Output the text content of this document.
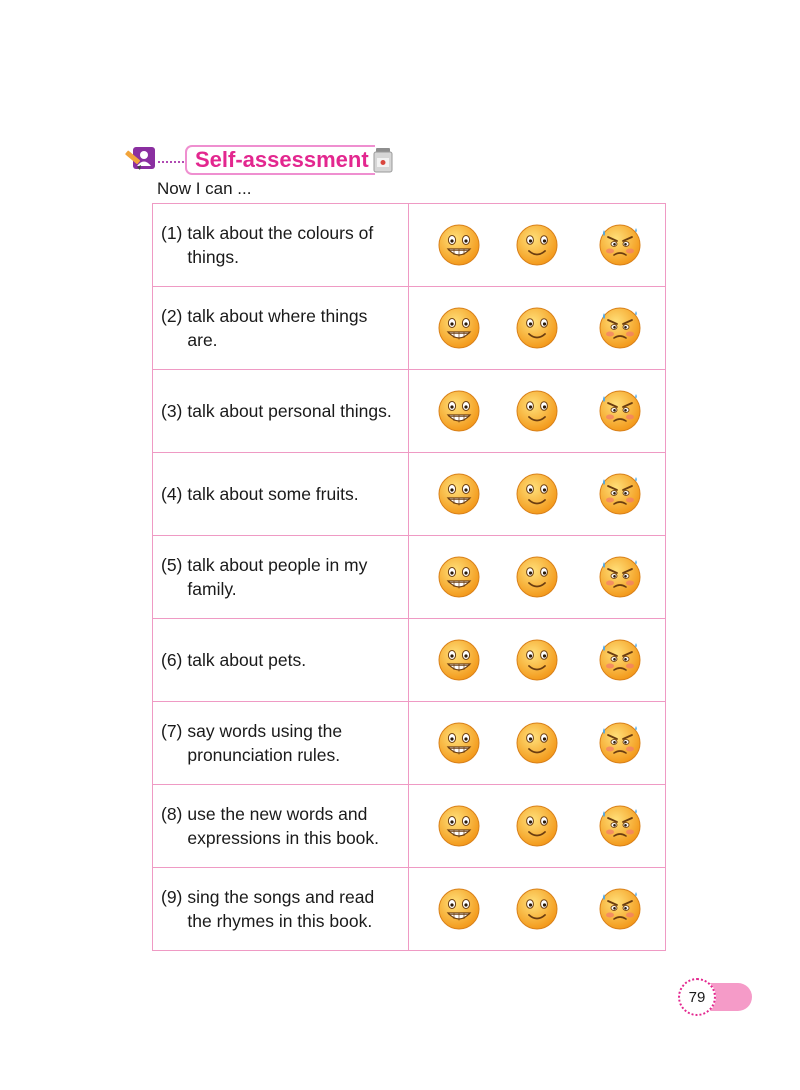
Self-assessment
Now I can ...
(1) talk about the colours of things.

(2) talk about where things are.

(3) talk about personal things.

(4) talk about some fruits.

(5) talk about people in my family.

(6) talk about pets.

(7) say words using the pronunciation rules.

(8) use the new words and expressions in this book.

(9) sing the songs and read the rhymes in this book.

79
